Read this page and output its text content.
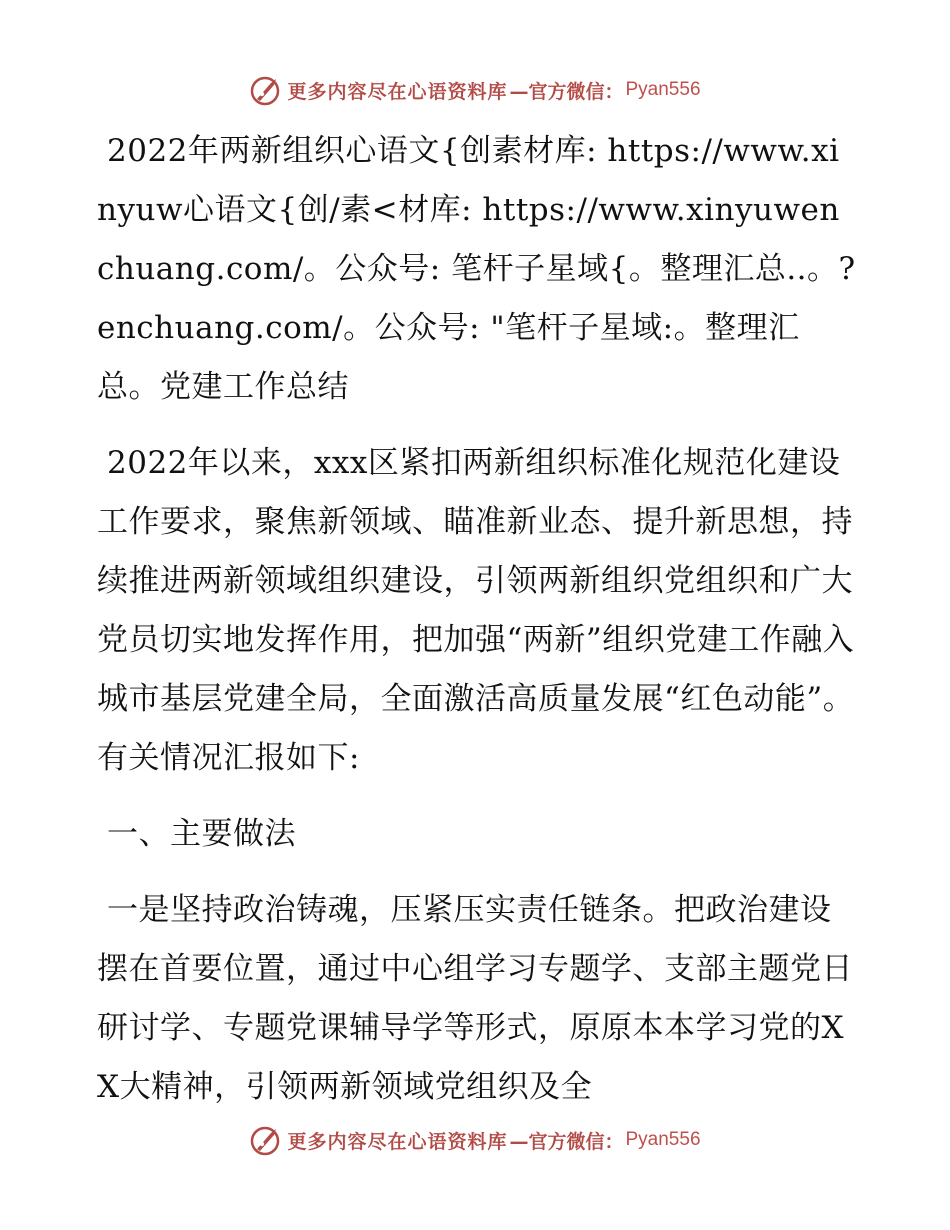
更多内容尽在心语资料库 —官方微信： Pyan556

2022年两新组织心语文{创素材库: https://www.xinyuw心语文{创/素<材库: https://www.xinyuwenchuang.com/。公众号: 笔杆子星域{。整理汇总..。?enchuang.com/。公众号: "笔杆子星域:。整理汇总。党建工作总结

2022年以来，xxx区紧扣两新组织标准化规范化建设工作要求，聚焦新领域、瞄准新业态、提升新思想，持续推进两新领域组织建设，引领两新组织党组织和广大党员切实地发挥作用，把加强“两新”组织党建工作融入城市基层党建全局，全面激活高质量发展“红色动能”。有关情况汇报如下:

一、主要做法

一是坚持政治铸魂，压紧压实责任链条。把政治建设摆在首要位置，通过中心组学习专题学、支部主题党日研讨学、专题党课辅导学等形式，原原本本学习党的XX大精神，引领两新领域党组织及全

更多内容尽在心语资料库 —官方微信： Pyan556
